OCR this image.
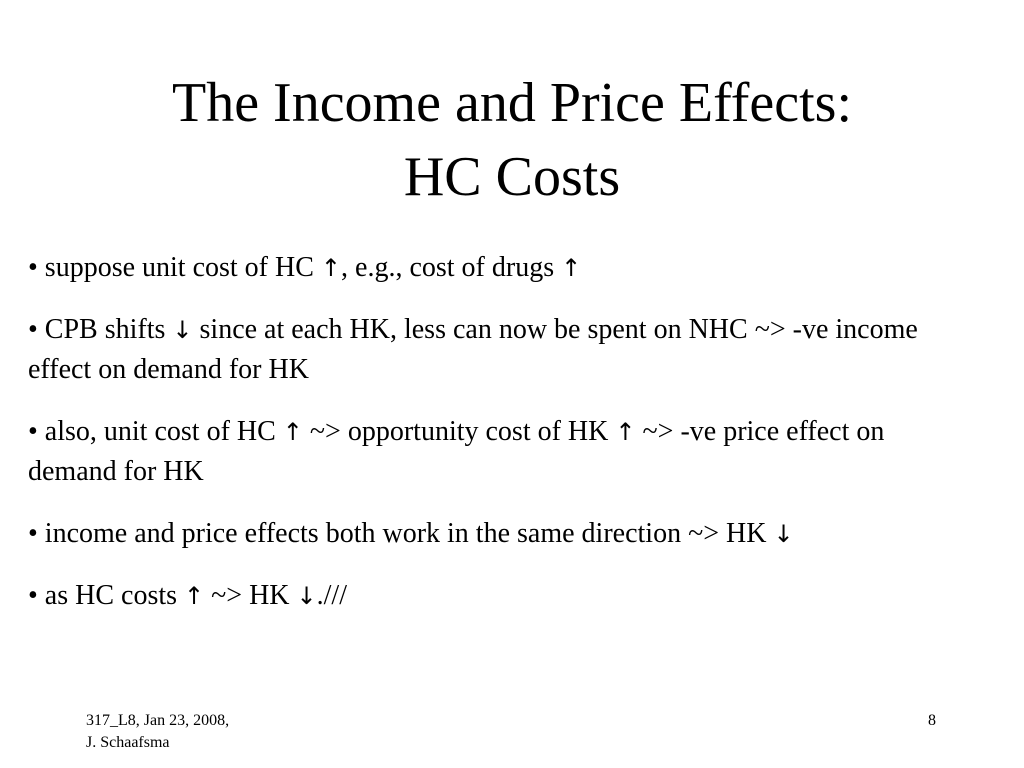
The Income and Price Effects:
HC Costs
• suppose unit cost of HC ↑, e.g., cost of drugs ↑
• CPB shifts ↓ since at each HK, less can now be spent on NHC ~> -ve income effect on demand for HK
• also, unit cost of HC ↑ ~> opportunity cost of HK ↑ ~> -ve price effect on demand for HK
• income and price effects both work in the same direction ~> HK ↓
• as HC costs ↑ ~> HK ↓.///
317_L8, Jan 23, 2008,
J. Schaafsma
8
